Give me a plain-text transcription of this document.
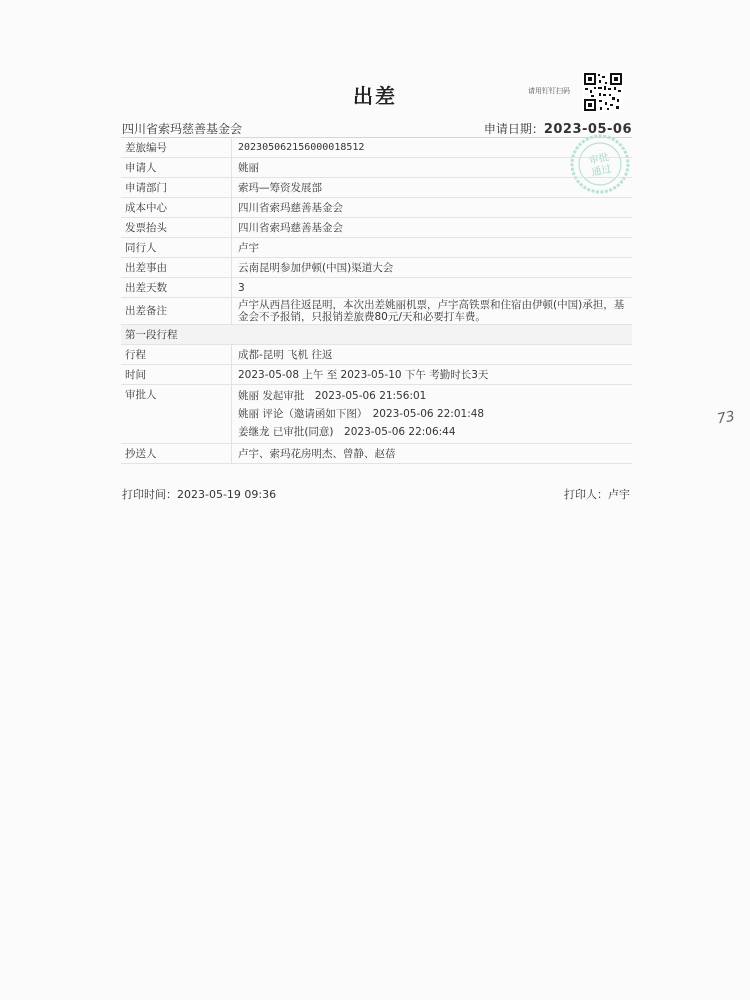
出差	请用钉钉扫码
四川省索玛慈善基金会	申请日期：2023-05-06
审批
通过
差旅编号	202305062156000018512
申请人	姚丽
申请部门	索玛—筹资发展部
成本中心	四川省索玛慈善基金会
发票抬头	四川省索玛慈善基金会
同行人	卢宇
出差事由	云南昆明参加伊顿(中国)渠道大会
出差天数	3
出差备注	卢宇从西昌往返昆明，本次出差姚丽机票，卢宇高铁票和住宿由伊顿(中国)承担，基金会不予报销，只报销差旅费80元/天和必要打车费。
第一段行程	
行程	成都-昆明 飞机 往返
时间	2023-05-08 上午 至 2023-05-10 下午 考勤时长3天
审批人	姚丽 发起审批　2023-05-06 21:56:01
姚丽 评论（邀请函如下图）　2023-05-06 22:01:48
姜继龙 已审批(同意)　2023-05-06 22:06:44

抄送人	卢宇、索玛花房明杰、曾静、赵蓓
73
打印时间：2023-05-19 09:36	打印人：卢宇
